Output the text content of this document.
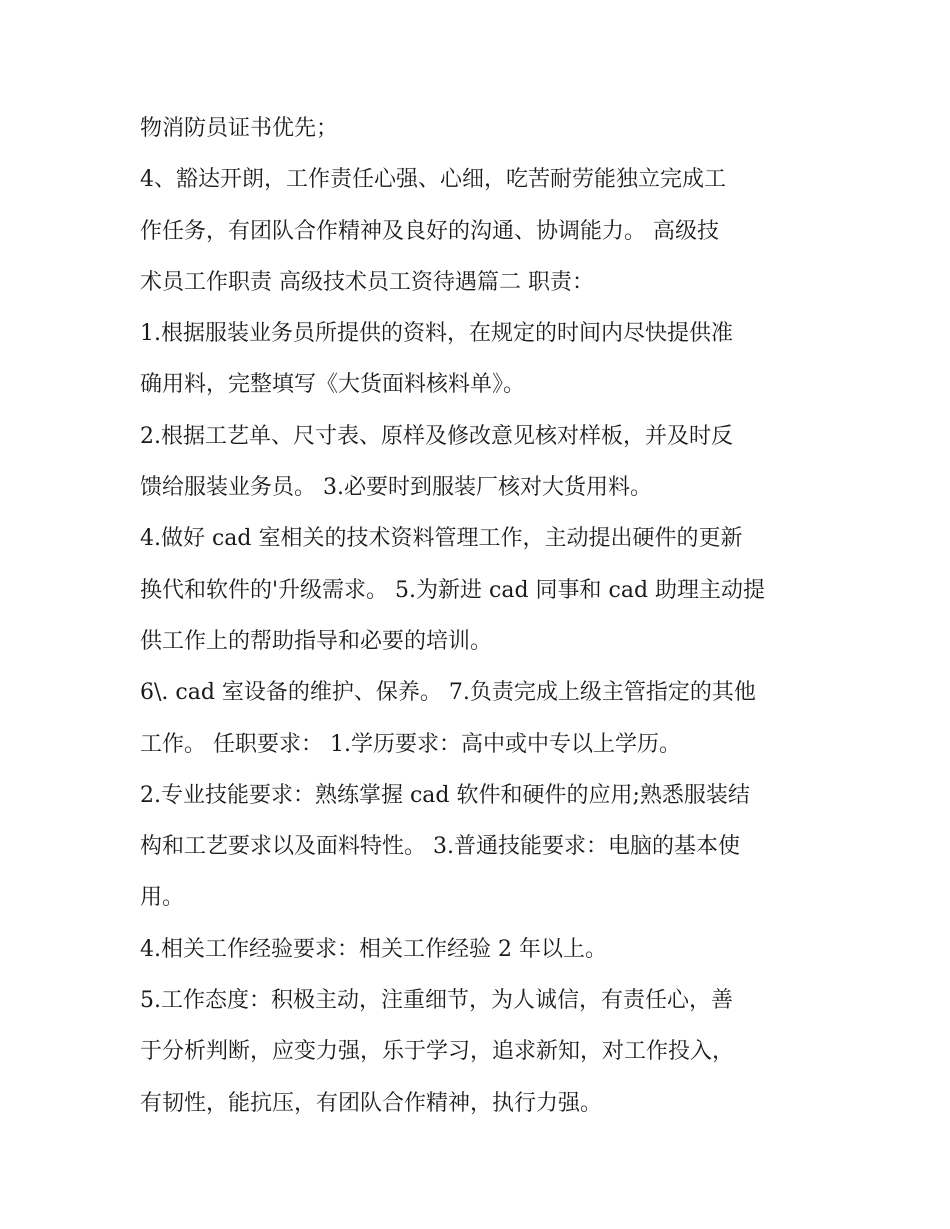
物消防员证书优先；
4、豁达开朗，工作责任心强、心细，吃苦耐劳能独立完成工
作任务，有团队合作精神及良好的沟通、协调能力。 高级技
术员工作职责 高级技术员工资待遇篇二 职责：
1.根据服装业务员所提供的资料，在规定的时间内尽快提供准
确用料，完整填写《大货面料核料单》。
2.根据工艺单、尺寸表、原样及修改意见核对样板，并及时反
馈给服装业务员。 3.必要时到服装厂核对大货用料。
4.做好 cad 室相关的技术资料管理工作，主动提出硬件的更新
换代和软件的'升级需求。 5.为新进 cad 同事和 cad 助理主动提
供工作上的帮助指导和必要的培训。
6\. cad 室设备的维护、保养。 7.负责完成上级主管指定的其他
工作。 任职要求： 1.学历要求：高中或中专以上学历。
2.专业技能要求：熟练掌握 cad 软件和硬件的应用;熟悉服装结
构和工艺要求以及面料特性。 3.普通技能要求：电脑的基本使
用。
4.相关工作经验要求：相关工作经验 2 年以上。
5.工作态度：积极主动，注重细节，为人诚信，有责任心，善
于分析判断，应变力强，乐于学习，追求新知，对工作投入，
有韧性，能抗压，有团队合作精神，执行力强。
